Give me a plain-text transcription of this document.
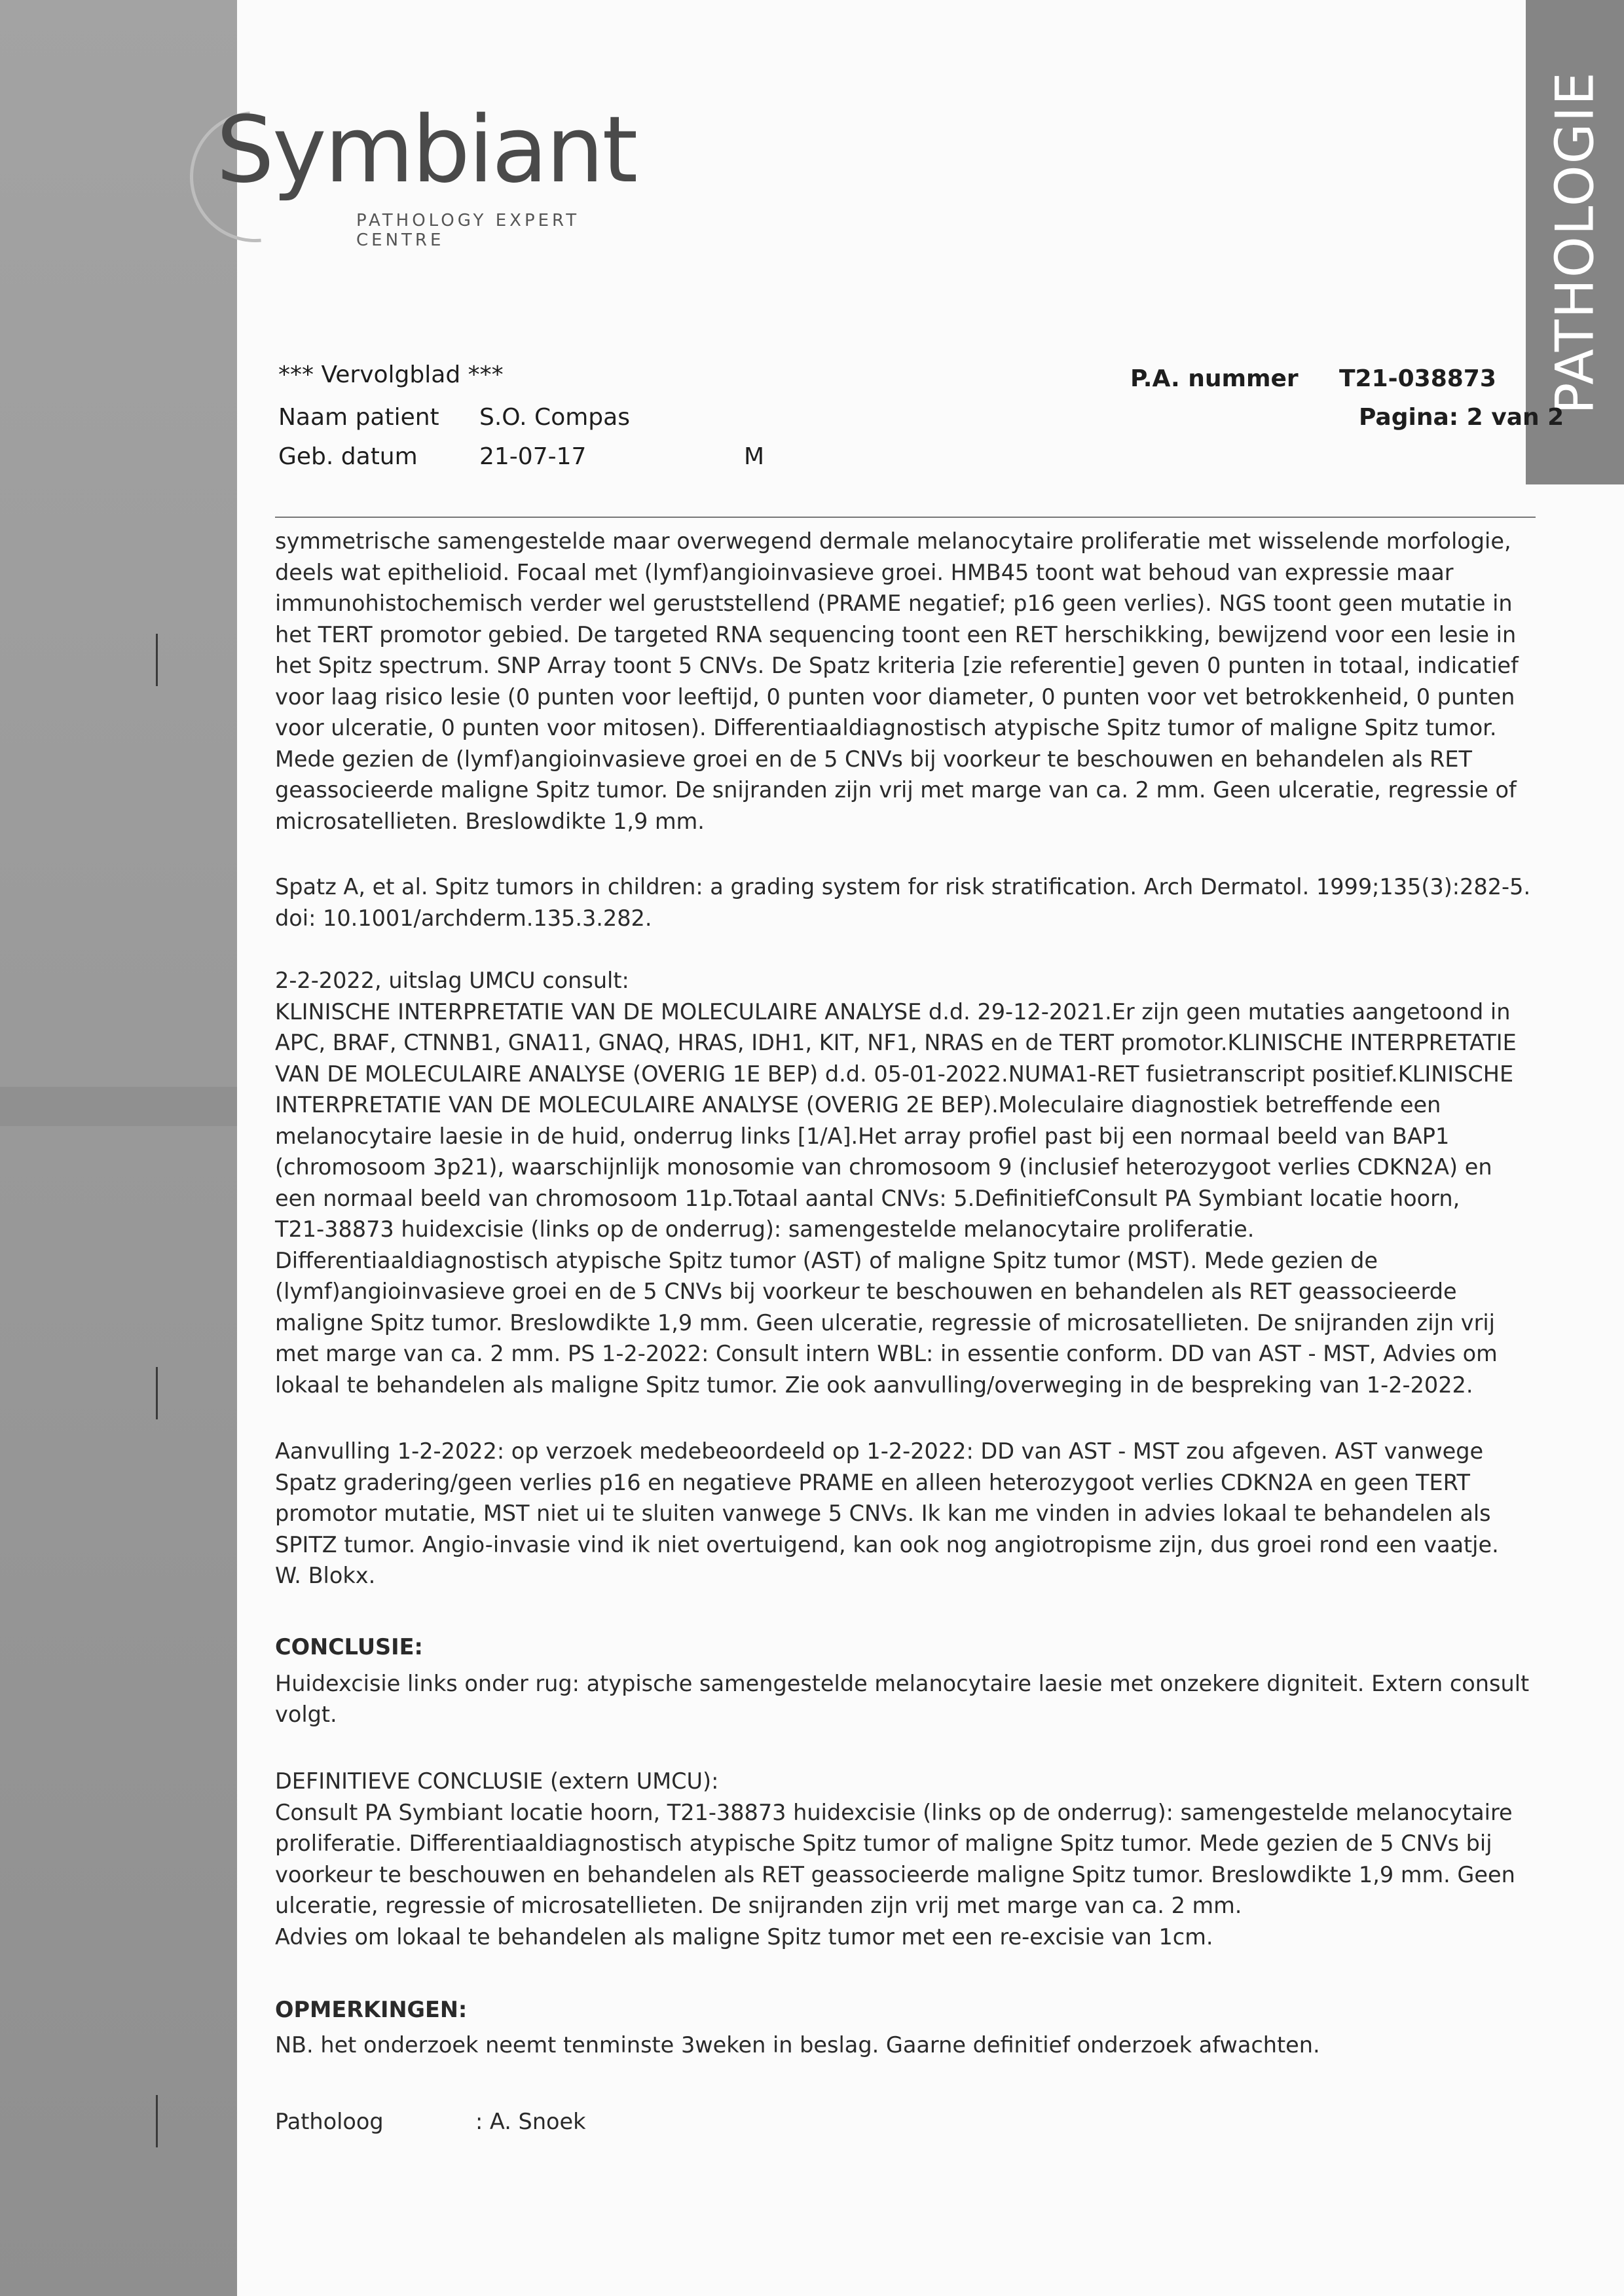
Symbiant
PATHOLOGY EXPERT CENTRE	PATHOLOGIE
*** Vervolgblad ***
Naam patient S.O. Compas
Geb. datum	21-07-17	M
P.A. nummer T21-038873
Pagina: 2 van 2

symmetrische samengestelde maar overwegend dermale melanocytaire proliferatie met wisselende morfologie,

deels wat epithelioid. Focaal met (lymf)angioinvasieve groei. HMB45 toont wat behoud van expressie maar

immunohistochemisch verder wel geruststellend (PRAME negatief; p16 geen verlies). NGS toont geen mutatie in

het TERT promotor gebied. De targeted RNA sequencing toont een RET herschikking, bewijzend voor een lesie in

het Spitz spectrum. SNP Array toont 5 CNVs. De Spatz kriteria [zie referentie] geven 0 punten in totaal, indicatief

voor laag risico lesie (0 punten voor leeftijd, 0 punten voor diameter, 0 punten voor vet betrokkenheid, 0 punten

voor ulceratie, 0 punten voor mitosen). Differentiaaldiagnostisch atypische Spitz tumor of maligne Spitz tumor.

Mede gezien de (lymf)angioinvasieve groei en de 5 CNVs bij voorkeur te beschouwen en behandelen als RET

geassocieerde maligne Spitz tumor. De snijranden zijn vrij met marge van ca. 2 mm. Geen ulceratie, regressie of

microsatellieten. Breslowdikte 1,9 mm.

Spatz A, et al. Spitz tumors in children: a grading system for risk stratification. Arch Dermatol. 1999;135(3):282-5.

doi: 10.1001/archderm.135.3.282.

2-2-2022, uitslag UMCU consult:

KLINISCHE INTERPRETATIE VAN DE MOLECULAIRE ANALYSE d.d. 29-12-2021.Er zijn geen mutaties aangetoond in

APC, BRAF, CTNNB1, GNA11, GNAQ, HRAS, IDH1, KIT, NF1, NRAS en de TERT promotor.KLINISCHE INTERPRETATIE

VAN DE MOLECULAIRE ANALYSE (OVERIG 1E BEP) d.d. 05-01-2022.NUMA1-RET fusietranscript positief.KLINISCHE

INTERPRETATIE VAN DE MOLECULAIRE ANALYSE (OVERIG 2E BEP).Moleculaire diagnostiek betreffende een

melanocytaire laesie in de huid, onderrug links [1/A].Het array profiel past bij een normaal beeld van BAP1

(chromosoom 3p21), waarschijnlijk monosomie van chromosoom 9 (inclusief heterozygoot verlies CDKN2A) en

een normaal beeld van chromosoom 11p.Totaal aantal CNVs: 5.DefinitiefConsult PA Symbiant locatie hoorn,

T21-38873 huidexcisie (links op de onderrug): samengestelde melanocytaire proliferatie.

Differentiaaldiagnostisch atypische Spitz tumor (AST) of maligne Spitz tumor (MST). Mede gezien de

(lymf)angioinvasieve groei en de 5 CNVs bij voorkeur te beschouwen en behandelen als RET geassocieerde

maligne Spitz tumor. Breslowdikte 1,9 mm. Geen ulceratie, regressie of microsatellieten. De snijranden zijn vrij

met marge van ca. 2 mm. PS 1-2-2022: Consult intern WBL: in essentie conform. DD van AST - MST, Advies om

lokaal te behandelen als maligne Spitz tumor. Zie ook aanvulling/overweging in de bespreking van 1-2-2022.

Aanvulling 1-2-2022: op verzoek medebeoordeeld op 1-2-2022: DD van AST - MST zou afgeven. AST vanwege

Spatz gradering/geen verlies p16 en negatieve PRAME en alleen heterozygoot verlies CDKN2A en geen TERT

promotor mutatie, MST niet ui te sluiten vanwege 5 CNVs. Ik kan me vinden in advies lokaal te behandelen als

SPITZ tumor. Angio-invasie vind ik niet overtuigend, kan ook nog angiotropisme zijn, dus groei rond een vaatje.

W. Blokx.

CONCLUSIE:

Huidexcisie links onder rug: atypische samengestelde melanocytaire laesie met onzekere digniteit. Extern consult

volgt.

DEFINITIEVE CONCLUSIE (extern UMCU):

Consult PA Symbiant locatie hoorn, T21-38873 huidexcisie (links op de onderrug): samengestelde melanocytaire

proliferatie. Differentiaaldiagnostisch atypische Spitz tumor of maligne Spitz tumor. Mede gezien de 5 CNVs bij

voorkeur te beschouwen en behandelen als RET geassocieerde maligne Spitz tumor. Breslowdikte 1,9 mm. Geen

ulceratie, regressie of microsatellieten. De snijranden zijn vrij met marge van ca. 2 mm.

Advies om lokaal te behandelen als maligne Spitz tumor met een re-excisie van 1cm.

OPMERKINGEN:

NB. het onderzoek neemt tenminste 3weken in beslag. Gaarne definitief onderzoek afwachten.

Patholoog	: A. Snoek
